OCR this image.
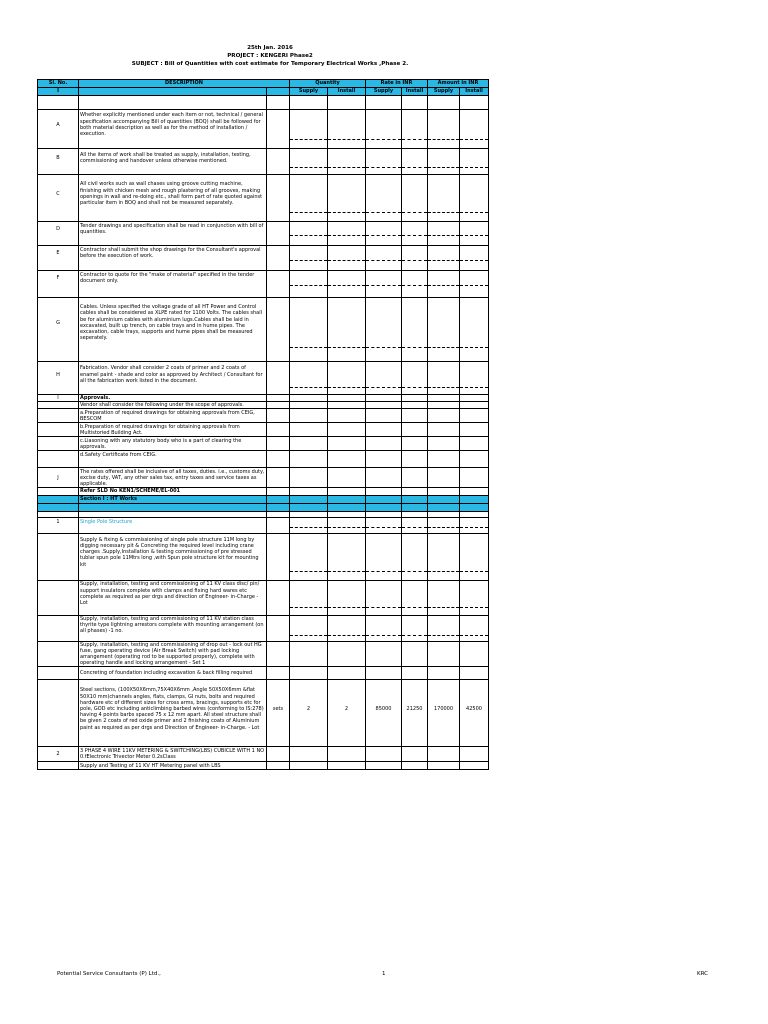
25th Jan. 2016
PROJECT : KENGERI Phase2
SUBJECT : Bill of Quantities with cost estimate for Temporary Electrical Works ,Phase 2.
Sl. No.	DESCRIPTION		Quantity		Rate in INR		Amount in INR	
I			Supply	Install	Supply	Install	Supply	Install

A	Whether explicitly mentioned under each item or not, technical / general specification accompanying Bill of quantities (BOQ) shall be followed for both material description as well as for the method of installation / execution.							

B	All the items of work shall be treated as supply, installation, testing, commissioning and handover unless otherwise mentioned.							

C	All civil works such as wall chases using groove cutting machine, finishing with chicken mesh and rough plastering of all grooves, making openings in wall and re-doing etc., shall form part of rate quoted against particular item in BOQ and shall not be measured separately.							

D	Tender drawings and specification shall be read in conjunction with bill of quantities.							

E	Contractor shall submit the shop drawings for the Consultant's approval before the execution of work.							

F	Contractor to quote for the "make of material" specified in the tender document only.							

G	Cables. Unless specified the voltage grade of all HT Power and Control cables shall be considered as XLPE rated for 1100 Volts. The cables shall be for aluminium cables with aluminium lugs.Cables shall be laid in excavated, built up trench, on cable trays and in hume pipes. The excavation, cable trays, supports and hume pipes shall be measured seperately.							

H	Fabrication. Vendor shall consider 2 coats of primer and 2 coats of enamel paint - shade and color as approved by Architect / Consultant for all the fabrication work listed in the document.							

I	Approvals.							
	Vendor shall consider the following under the scope of approvals.							
	a.Preparation of required drawings for obtaining approvals from CEIG, BESCOM							
	b.Preparation of required drawings for obtaining approvals from Multistoried Building Act.							
	c.Liasoning with any statutory body who is a part of clearing the approvals.							
	d.Safety Certificate from CEIG.							

J	The rates offered shall be inclusive of all taxes, duties. i.e., customs duty, excise duty, VAT, any other sales tax, entry taxes and service taxes as applicable.							
	Refer SLD No KEN1/SCHEME/EL-001							
	Section I : HT Works							

1	Single Pole Structure							

	Supply & fixing & commissioning of single pole structure 11M long by digging necessary pit & Concreting the required level including crane charges .Supply,Installation & testing commissioning of pre stressed tublar spun pole 11Mtrs long ,with Spun pole structure kit for mounting kit							

	Supply, installation, testing and commissioning of 11 KV class disc/ pin/ support insulators complete with clamps and fixing hard wares etc complete as required as per drgs and direction of Engineer- in-Charge - Lot							

	Supply, installation, testing and commissioning of 11 KV station class thyrite type lightning arrestors complete with mounting arrangement (on all phases) -1 no.							

	Supply, installation, testing and commissioning of drop out - lock out HG fuse, gang operating device (Air Break Switch) with pad locking arrangement (operating rod to be supported properly), complete with operating handle and locking arrangement - Set 1							
	Concreting of foundation including excavation & back filling required							
	Steel sections, (100X50X6mm,75X40X6mm ,Angle 50X50X6mm &flat 50X10 mm)channels angles, flats, clamps, GI nuts, bolts and required hardware etc of different sizes for cross arms, bracings, supports etc for pole, GOD etc including anticlimbing barbed wires (conforming to IS:278) having 4 points barbs spaced 75 x 12 mm apart. All steel structure shall be given 2 coats of red oxide primer and 2 finishing coats of Aluminium paint as required as per drgs and Direction of Engineer- in-Charge. - Lot	sets	2	2	85000	21250	170000	42500

2	3 PHASE 4 WIRE 11KV METERING & SWITCHING(LBS) CUBICLE WITH 1 NO 0.fElectronic Trivector Meter 0.2sClass							
	Supply and Testing of 11 KV HT Metering panel with LBS							
Potential Service Consultants (P) Ltd.,	1	KRC
